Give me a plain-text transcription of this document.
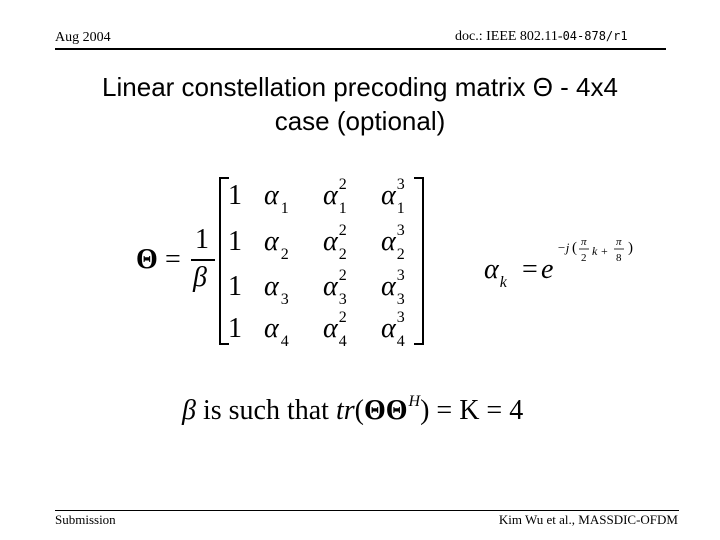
Aug 2004	doc.: IEEE 802.11-04-878/r1
Linear constellation precoding matrix Θ - 4x4
case (optional)
Θ =
1
β
1 α $_1$ α 2
1 α 3
1
1 α $_2$ α 2
2 α 3
2
1 α $_3$ α 2
3 α 3
3
1 α $_4$ α 2
4 α 3
4
$\alpha_k = e$
−j ( π
2 k +
π
8
)
β is such that $tr(\Theta\Theta^H) = K = 4$
Submission	Kim Wu et al., MASSDIC-OFDM
